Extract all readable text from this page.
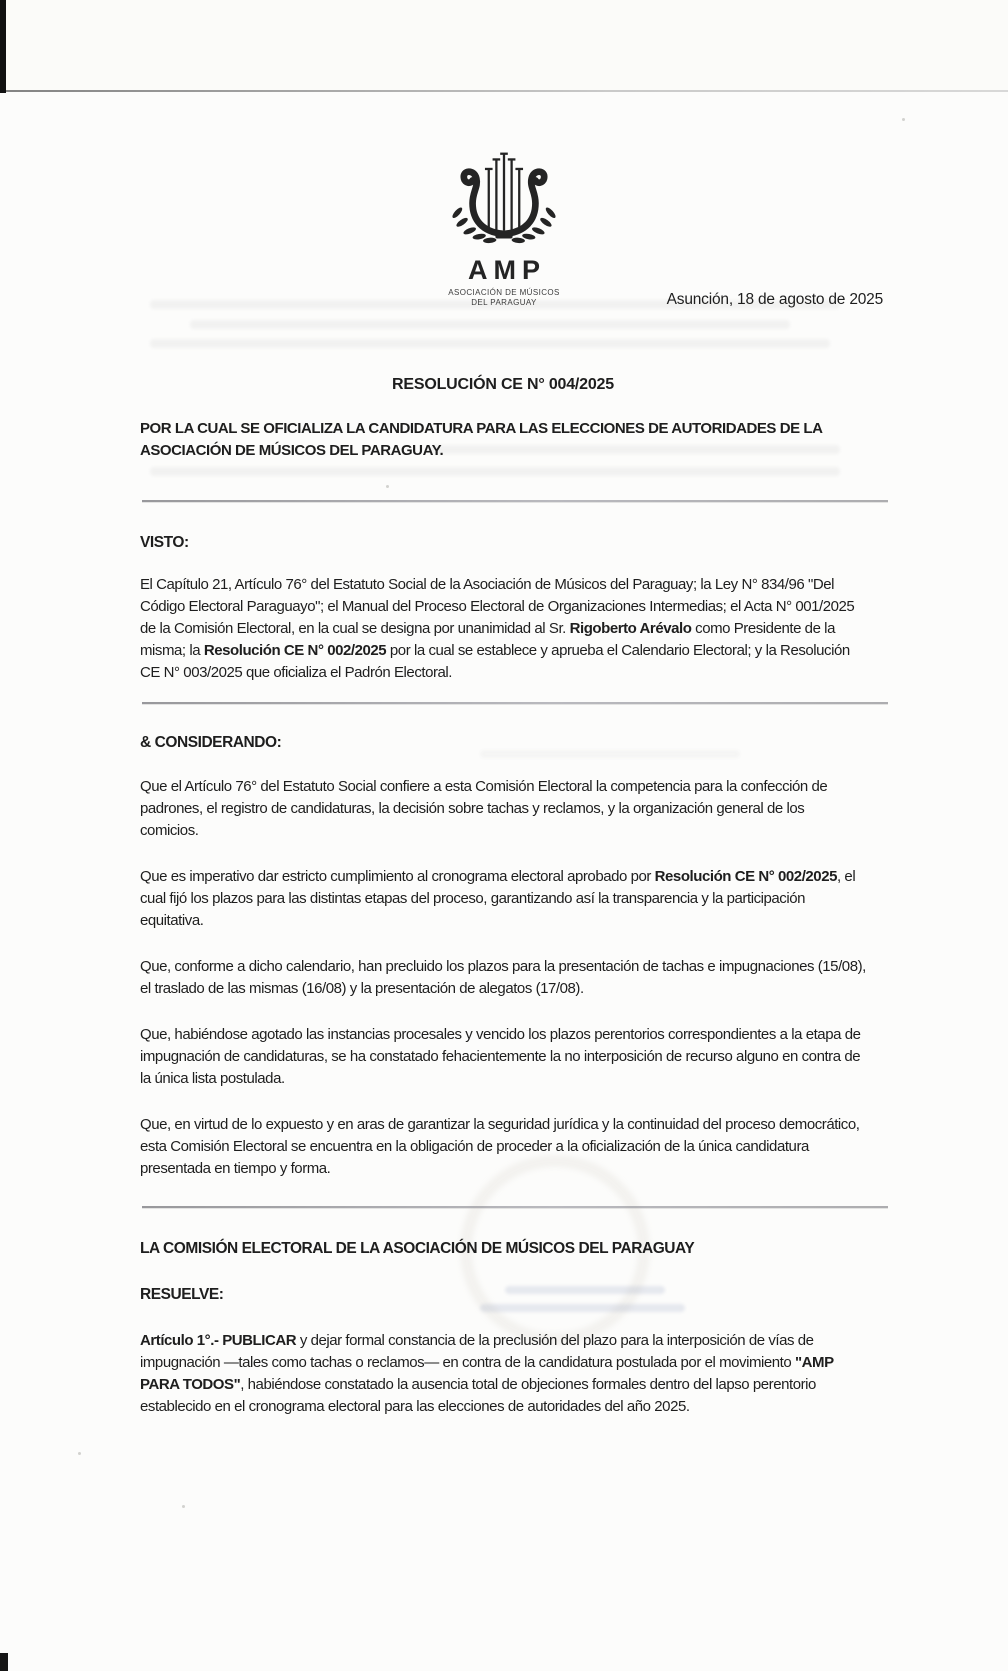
AMP
ASOCIACIÓN DE MÚSICOS
DEL PARAGUAY	Asunción, 18 de agosto de 2025
RESOLUCIÓN CE N° 004/2025
POR LA CUAL SE OFICIALIZA LA CANDIDATURA PARA LAS ELECCIONES DE AUTORIDADES DE LA ASOCIACIÓN DE MÚSICOS DEL PARAGUAY.
VISTO:
El Capítulo 21, Artículo 76° del Estatuto Social de la Asociación de Músicos del Paraguay; la Ley N° 834/96 "Del Código Electoral Paraguayo"; el Manual del Proceso Electoral de Organizaciones Intermedias; el Acta N° 001/2025 de la Comisión Electoral, en la cual se designa por unanimidad al Sr. Rigoberto Arévalo como Presidente de la misma; la Resolución CE N° 002/2025 por la cual se establece y aprueba el Calendario Electoral; y la Resolución CE N° 003/2025 que oficializa el Padrón Electoral.
& CONSIDERANDO:
Que el Artículo 76° del Estatuto Social confiere a esta Comisión Electoral la competencia para la confección de padrones, el registro de candidaturas, la decisión sobre tachas y reclamos, y la organización general de los comicios.
Que es imperativo dar estricto cumplimiento al cronograma electoral aprobado por Resolución CE N° 002/2025, el cual fijó los plazos para las distintas etapas del proceso, garantizando así la transparencia y la participación equitativa.
Que, conforme a dicho calendario, han precluido los plazos para la presentación de tachas e impugnaciones (15/08), el traslado de las mismas (16/08) y la presentación de alegatos (17/08).
Que, habiéndose agotado las instancias procesales y vencido los plazos perentorios correspondientes a la etapa de impugnación de candidaturas, se ha constatado fehacientemente la no interposición de recurso alguno en contra de la única lista postulada.
Que, en virtud de lo expuesto y en aras de garantizar la seguridad jurídica y la continuidad del proceso democrático, esta Comisión Electoral se encuentra en la obligación de proceder a la oficialización de la única candidatura presentada en tiempo y forma.
LA COMISIÓN ELECTORAL DE LA ASOCIACIÓN DE MÚSICOS DEL PARAGUAY
RESUELVE:
Artículo 1°.- PUBLICAR y dejar formal constancia de la preclusión del plazo para la interposición de vías de impugnación —tales como tachas o reclamos— en contra de la candidatura postulada por el movimiento "AMP PARA TODOS", habiéndose constatado la ausencia total de objeciones formales dentro del lapso perentorio establecido en el cronograma electoral para las elecciones de autoridades del año 2025.
